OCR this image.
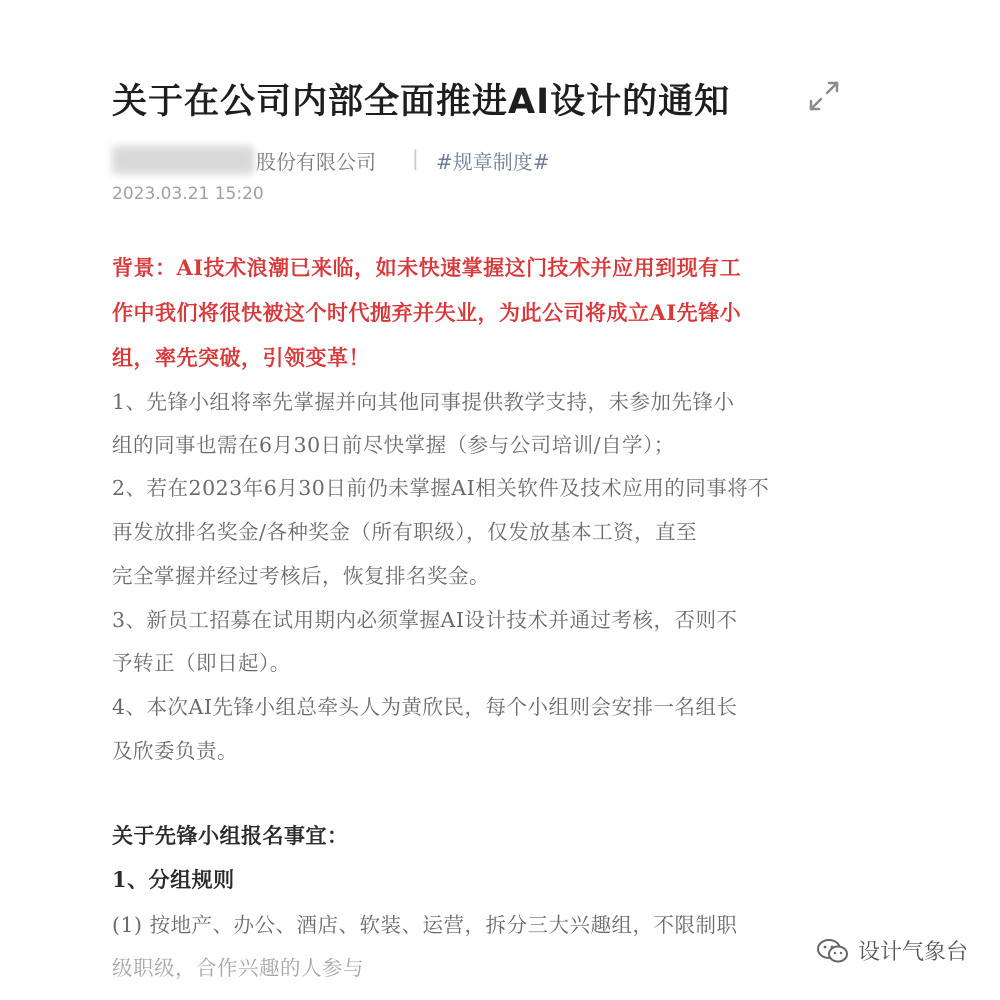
关于在公司内部全面推进AI设计的通知
股份有限公司 | #规章制度#
2023.03.21 15:20
背景：AI技术浪潮已来临，如未快速掌握这门技术并应用到现有工
作中我们将很快被这个时代抛弃并失业，为此公司将成立AI先锋小
组，率先突破，引领变革！
1、先锋小组将率先掌握并向其他同事提供教学支持，未参加先锋小
组的同事也需在6月30日前尽快掌握（参与公司培训/自学）；
2、若在2023年6月30日前仍未掌握AI相关软件及技术应用的同事将不
再发放排名奖金/各种奖金（所有职级），仅发放基本工资，直至
完全掌握并经过考核后，恢复排名奖金。
3、新员工招募在试用期内必须掌握AI设计技术并通过考核，否则不
予转正（即日起）。
4、本次AI先锋小组总牵头人为黄欣民，每个小组则会安排一名组长
及欣委负责。
关于先锋小组报名事宜：
1、分组规则
(1) 按地产、办公、酒店、软装、运营，拆分三大兴趣组，不限制职
级职级，合作兴趣的人参与
设计气象台
